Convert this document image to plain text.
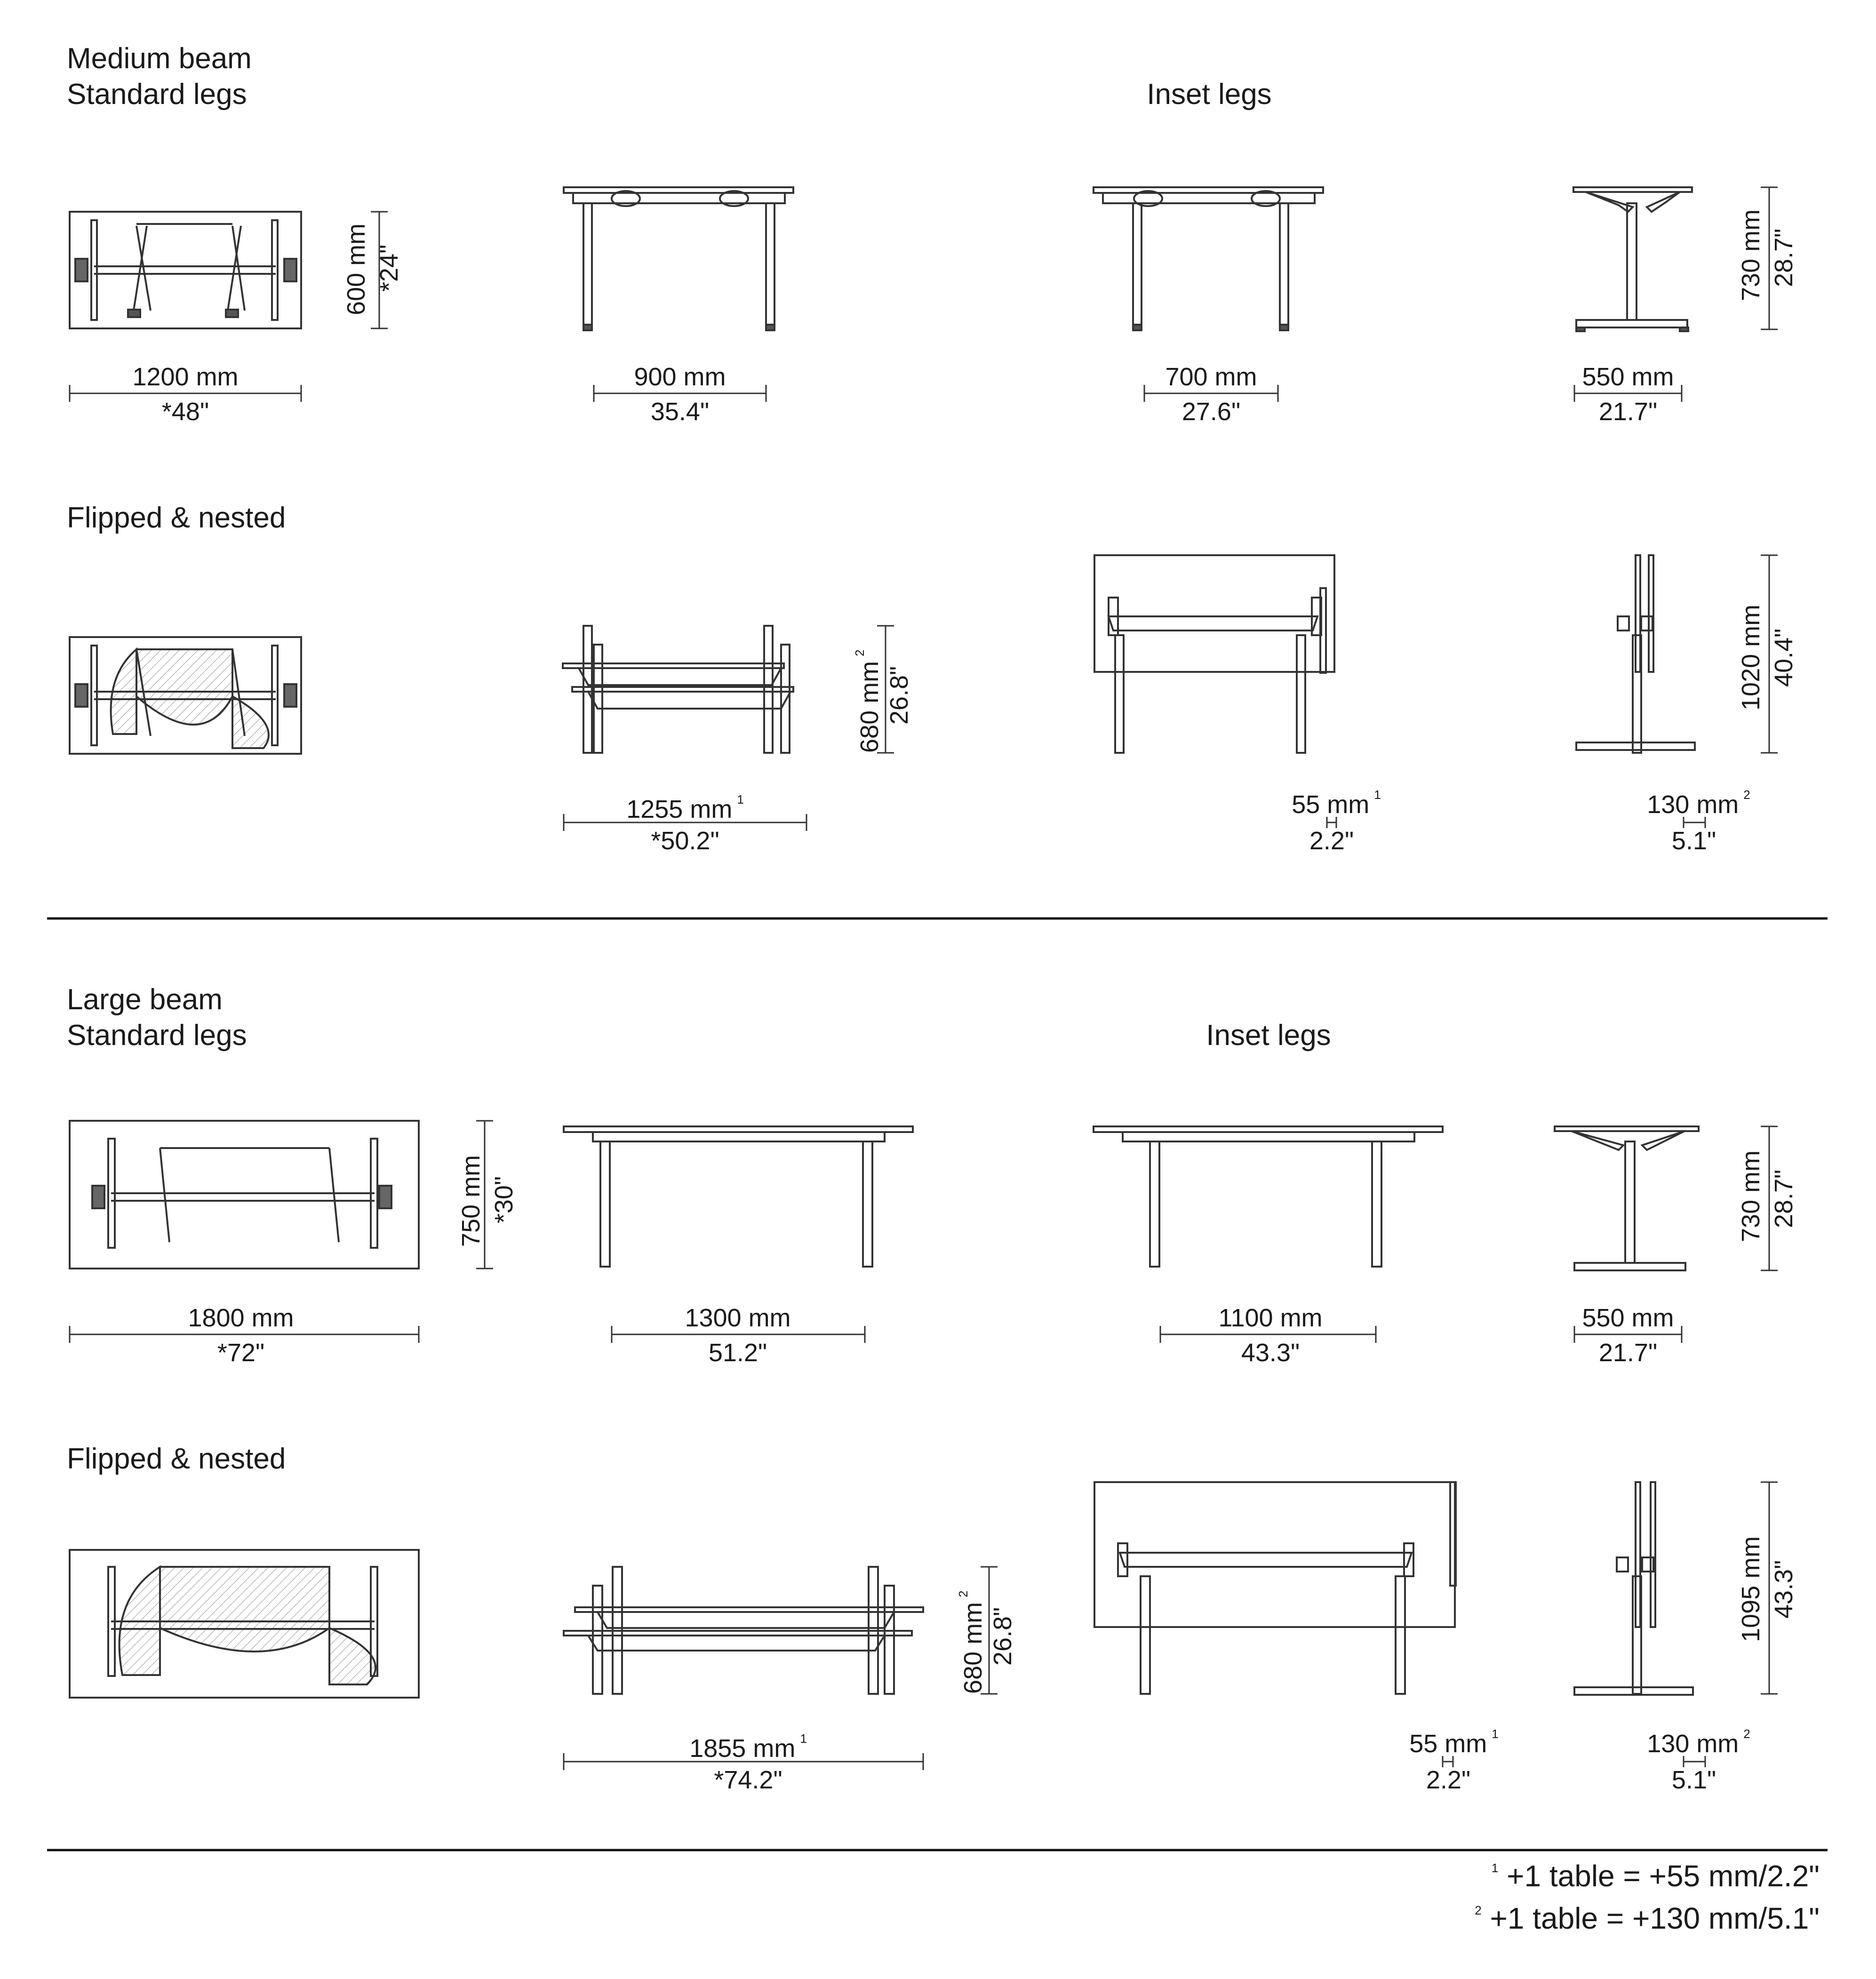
Medium beam
Standard legs	Inset legs
Flipped & nested
1200 mm
*48"
600 mm *24"
900 mm
35.4"
700 mm
27.6"
550 mm
21.7"
730 mm 28.7"
1255 mm $^1$
*50.2"
680 $mm^2$
26.8"
55 mm $^1$
2.2"
130 mm $^2$
5.1"
1020 mm 40.4"
Large beam
Standard legs	Inset legs
Flipped & nested
1800 mm
*72"
750 mm *30"
1300 mm
51.2"
1100 mm
43.3"
550 mm
21.7"
730 mm 28.7"
1855 mm $^1$
*74.2"
680 $mm^2$
26.8"
55 mm $^1$
2.2"
130 mm $^2$
5.1"
1095 mm 43.3"
$^1$ +1 table = +55 mm/2.2"
$^2$ +1 table = +130 mm/5.1"
